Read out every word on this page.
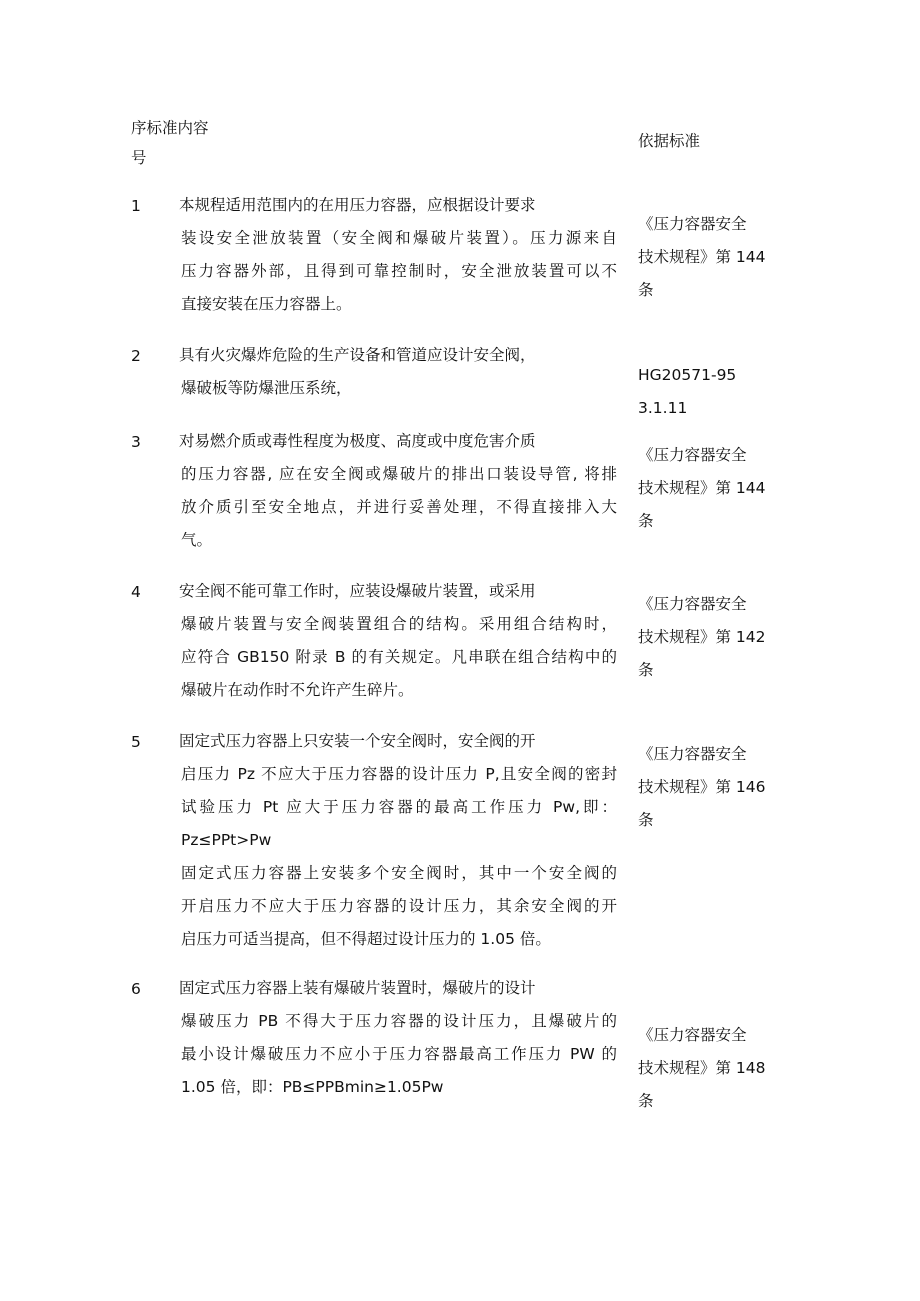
序标准内容
号
依据标准
1 本规程适用范围内的在用压力容器，应根据设计要求
装设安全泄放装置（安全阀和爆破片装置）。压力源来自
压力容器外部，且得到可靠控制时，安全泄放装置可以不
直接安装在压力容器上。
《压力容器安全
技术规程》第 144
条
2 具有火灾爆炸危险的生产设备和管道应设计安全阀，
爆破板等防爆泄压系统，
HG20571-95
3.1.11
3 对易燃介质或毒性程度为极度、高度或中度危害介质
的压力容器, 应在安全阀或爆破片的排出口装设导管, 将排
放介质引至安全地点，并进行妥善处理，不得直接排入大
气。
《压力容器安全
技术规程》第 144
条
4 安全阀不能可靠工作时，应装设爆破片装置，或采用
爆破片装置与安全阀装置组合的结构。采用组合结构时，
应符合 GB150 附录 B 的有关规定。凡串联在组合结构中的
爆破片在动作时不允许产生碎片。
《压力容器安全
技术规程》第 142
条
5 固定式压力容器上只安装一个安全阀时，安全阀的开
启压力 Pz 不应大于压力容器的设计压力 P,且安全阀的密封
试验压力 Pt 应大于压力容器的最高工作压力 Pw,即：
Pz≤PPt>Pw
固定式压力容器上安装多个安全阀时，其中一个安全阀的
开启压力不应大于压力容器的设计压力，其余安全阀的开
启压力可适当提高，但不得超过设计压力的 1.05 倍。
《压力容器安全
技术规程》第 146
条
6 固定式压力容器上装有爆破片装置时，爆破片的设计
爆破压力 PB 不得大于压力容器的设计压力，且爆破片的
最小设计爆破压力不应小于压力容器最高工作压力 PW 的
1.05 倍，即：PB≤PPBmin≥1.05Pw
《压力容器安全
技术规程》第 148
条
